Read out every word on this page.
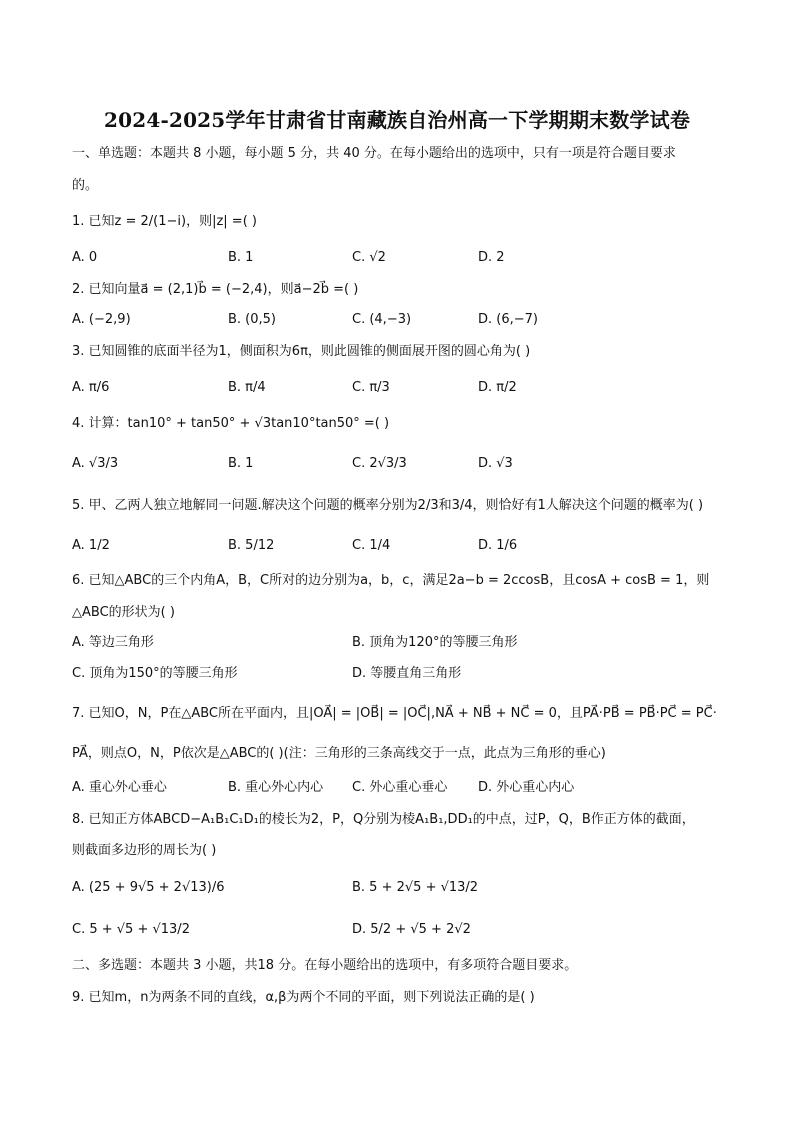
2024-2025学年甘肃省甘南藏族自治州高一下学期期末数学试卷
一、单选题：本题共 8 小题，每小题 5 分，共 40 分。在每小题给出的选项中，只有一项是符合题目要求
的。
1. 已知z = 2/(1−i)，则|z| =( )
A. 0	B. 1	C. √2	D. 2
2. 已知向量a⃗ = (2,1)b⃗ = (−2,4)，则a⃗−2b⃗ =( )
A. (−2,9)	B. (0,5)	C. (4,−3)	D. (6,−7)
3. 已知圆锥的底面半径为1，侧面积为6π，则此圆锥的侧面展开图的圆心角为( )
A. π/6	B. π/4	C. π/3	D. π/2
4. 计算：tan10° + tan50° + √3tan10°tan50° =( )
A. √3/3	B. 1	C. 2√3/3	D. √3
5. 甲、乙两人独立地解同一问题.解决这个问题的概率分别为2/3和3/4，则恰好有1人解决这个问题的概率为( )
A. 1/2	B. 5/12	C. 1/4	D. 1/6
6. 已知△ABC的三个内角A，B，C所对的边分别为a，b，c，满足2a−b = 2ccosB，且cosA + cosB = 1，则
△ABC的形状为( )
A. 等边三角形	B. 顶角为120°的等腰三角形
C. 顶角为150°的等腰三角形	D. 等腰直角三角形
7. 已知O，N，P在△ABC所在平面内，且|OA⃗| = |OB⃗| = |OC⃗|,NA⃗ + NB⃗ + NC⃗ = 0，且PA⃗·PB⃗ = PB⃗·PC⃗ = PC⃗·
PA⃗，则点O，N，P依次是△ABC的( )(注：三角形的三条高线交于一点，此点为三角形的垂心)
A. 重心外心垂心	B. 重心外心内心 C. 外心重心垂心 D. 外心重心内心
8. 已知正方体ABCD−A₁B₁C₁D₁的棱长为2，P，Q分别为棱A₁B₁,DD₁的中点，过P，Q，B作正方体的截面，
则截面多边形的周长为( )
A. (25 + 9√5 + 2√13)/6	B. 5 + 2√5 + √13/2
C. 5 + √5 + √13/2	D. 5/2 + √5 + 2√2
二、多选题：本题共 3 小题，共18 分。在每小题给出的选项中，有多项符合题目要求。
9. 已知m，n为两条不同的直线，α,β为两个不同的平面，则下列说法正确的是( )
